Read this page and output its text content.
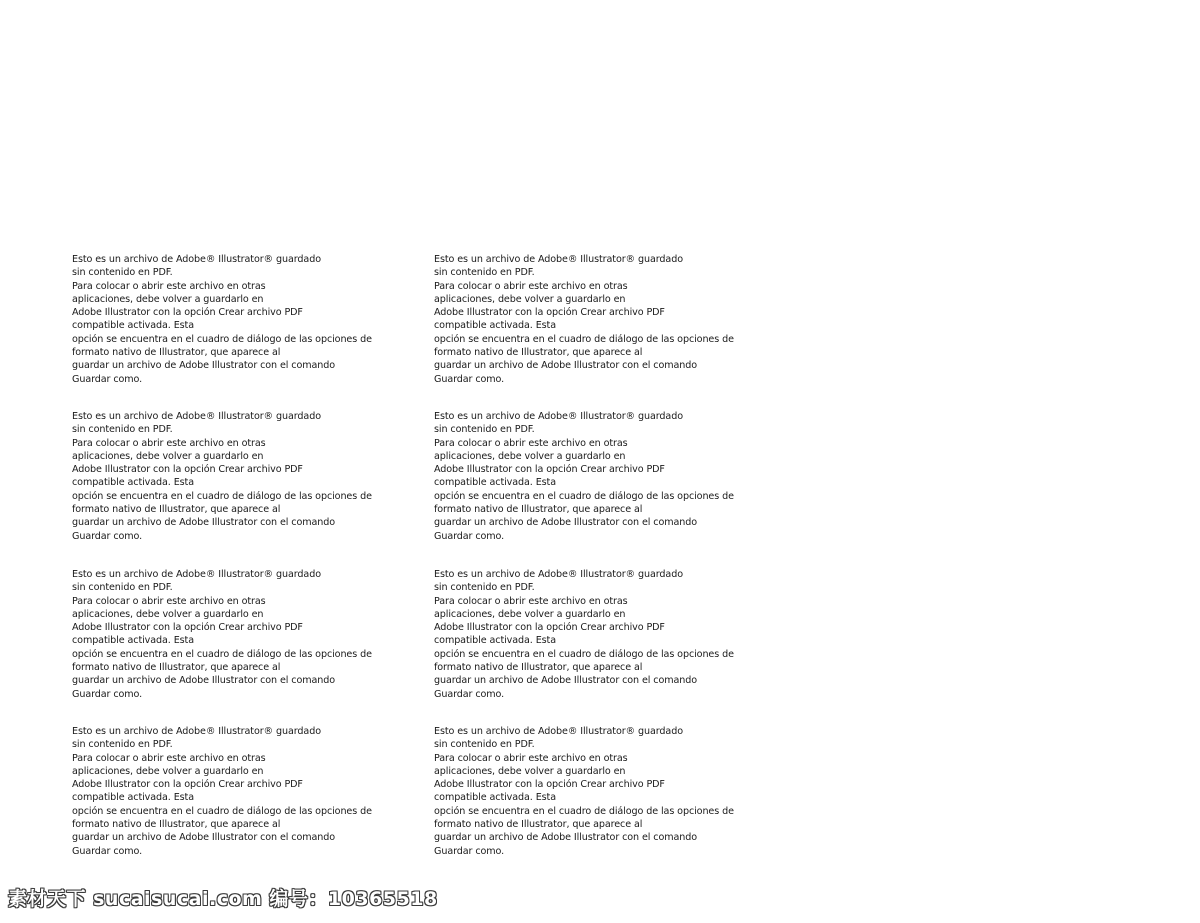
Esto es un archivo de Adobe® Illustrator® guardado
sin contenido en PDF.
Para colocar o abrir este archivo en otras
aplicaciones, debe volver a guardarlo en
Adobe Illustrator con la opción Crear archivo PDF
compatible activada. Esta
opción se encuentra en el cuadro de diálogo de las opciones de
formato nativo de Illustrator, que aparece al
guardar un archivo de Adobe Illustrator con el comando
Guardar como.
Esto es un archivo de Adobe® Illustrator® guardado
sin contenido en PDF.
Para colocar o abrir este archivo en otras
aplicaciones, debe volver a guardarlo en
Adobe Illustrator con la opción Crear archivo PDF
compatible activada. Esta
opción se encuentra en el cuadro de diálogo de las opciones de
formato nativo de Illustrator, que aparece al
guardar un archivo de Adobe Illustrator con el comando
Guardar como.
Esto es un archivo de Adobe® Illustrator® guardado
sin contenido en PDF.
Para colocar o abrir este archivo en otras
aplicaciones, debe volver a guardarlo en
Adobe Illustrator con la opción Crear archivo PDF
compatible activada. Esta
opción se encuentra en el cuadro de diálogo de las opciones de
formato nativo de Illustrator, que aparece al
guardar un archivo de Adobe Illustrator con el comando
Guardar como.
Esto es un archivo de Adobe® Illustrator® guardado
sin contenido en PDF.
Para colocar o abrir este archivo en otras
aplicaciones, debe volver a guardarlo en
Adobe Illustrator con la opción Crear archivo PDF
compatible activada. Esta
opción se encuentra en el cuadro de diálogo de las opciones de
formato nativo de Illustrator, que aparece al
guardar un archivo de Adobe Illustrator con el comando
Guardar como.
Esto es un archivo de Adobe® Illustrator® guardado
sin contenido en PDF.
Para colocar o abrir este archivo en otras
aplicaciones, debe volver a guardarlo en
Adobe Illustrator con la opción Crear archivo PDF
compatible activada. Esta
opción se encuentra en el cuadro de diálogo de las opciones de
formato nativo de Illustrator, que aparece al
guardar un archivo de Adobe Illustrator con el comando
Guardar como.
Esto es un archivo de Adobe® Illustrator® guardado
sin contenido en PDF.
Para colocar o abrir este archivo en otras
aplicaciones, debe volver a guardarlo en
Adobe Illustrator con la opción Crear archivo PDF
compatible activada. Esta
opción se encuentra en el cuadro de diálogo de las opciones de
formato nativo de Illustrator, que aparece al
guardar un archivo de Adobe Illustrator con el comando
Guardar como.
Esto es un archivo de Adobe® Illustrator® guardado
sin contenido en PDF.
Para colocar o abrir este archivo en otras
aplicaciones, debe volver a guardarlo en
Adobe Illustrator con la opción Crear archivo PDF
compatible activada. Esta
opción se encuentra en el cuadro de diálogo de las opciones de
formato nativo de Illustrator, que aparece al
guardar un archivo de Adobe Illustrator con el comando
Guardar como.
Esto es un archivo de Adobe® Illustrator® guardado
sin contenido en PDF.
Para colocar o abrir este archivo en otras
aplicaciones, debe volver a guardarlo en
Adobe Illustrator con la opción Crear archivo PDF
compatible activada. Esta
opción se encuentra en el cuadro de diálogo de las opciones de
formato nativo de Illustrator, que aparece al
guardar un archivo de Adobe Illustrator con el comando
Guardar como.
素材天下 sucaisucai.com 编号：10365518
